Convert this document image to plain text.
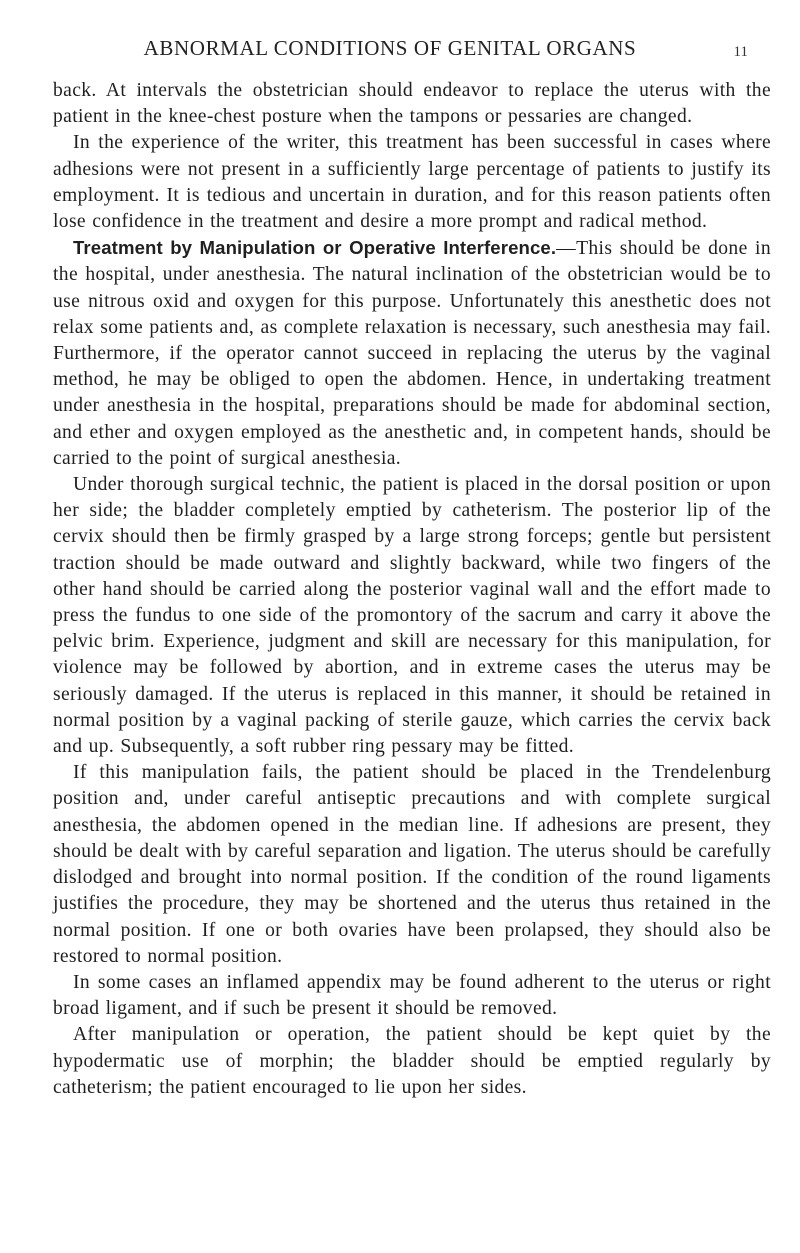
ABNORMAL CONDITIONS OF GENITAL ORGANS	11

back. At intervals the obstetrician should endeavor to replace the uterus with the patient in the knee-chest posture when the tampons or pessaries are changed.

In the experience of the writer, this treatment has been successful in cases where adhesions were not present in a sufficiently large percentage of patients to justify its employment. It is tedious and uncertain in duration, and for this reason patients often lose confidence in the treatment and desire a more prompt and radical method.

Treatment by Manipulation or Operative Interference.—This should be done in the hospital, under anesthesia. The natural inclination of the obstetrician would be to use nitrous oxid and oxygen for this purpose. Unfortunately this anesthetic does not relax some patients and, as complete relaxation is necessary, such anesthesia may fail. Furthermore, if the operator cannot succeed in replacing the uterus by the vaginal method, he may be obliged to open the abdomen. Hence, in undertaking treatment under anesthesia in the hospital, preparations should be made for abdominal section, and ether and oxygen employed as the anesthetic and, in competent hands, should be carried to the point of surgical anesthesia.

Under thorough surgical technic, the patient is placed in the dorsal position or upon her side; the bladder completely emptied by catheterism. The posterior lip of the cervix should then be firmly grasped by a large strong forceps; gentle but persistent traction should be made outward and slightly backward, while two fingers of the other hand should be carried along the posterior vaginal wall and the effort made to press the fundus to one side of the promontory of the sacrum and carry it above the pelvic brim. Experience, judgment and skill are necessary for this manipulation, for violence may be followed by abortion, and in extreme cases the uterus may be seriously damaged. If the uterus is replaced in this manner, it should be retained in normal position by a vaginal packing of sterile gauze, which carries the cervix back and up. Subsequently, a soft rubber ring pessary may be fitted.

If this manipulation fails, the patient should be placed in the Trendelenburg position and, under careful antiseptic precautions and with complete surgical anesthesia, the abdomen opened in the median line. If adhesions are present, they should be dealt with by careful separation and ligation. The uterus should be carefully dislodged and brought into normal position. If the condition of the round ligaments justifies the procedure, they may be shortened and the uterus thus retained in the normal position. If one or both ovaries have been prolapsed, they should also be restored to normal position.

In some cases an inflamed appendix may be found adherent to the uterus or right broad ligament, and if such be present it should be removed.

After manipulation or operation, the patient should be kept quiet by the hypodermatic use of morphin; the bladder should be emptied regularly by catheterism; the patient encouraged to lie upon her sides.
